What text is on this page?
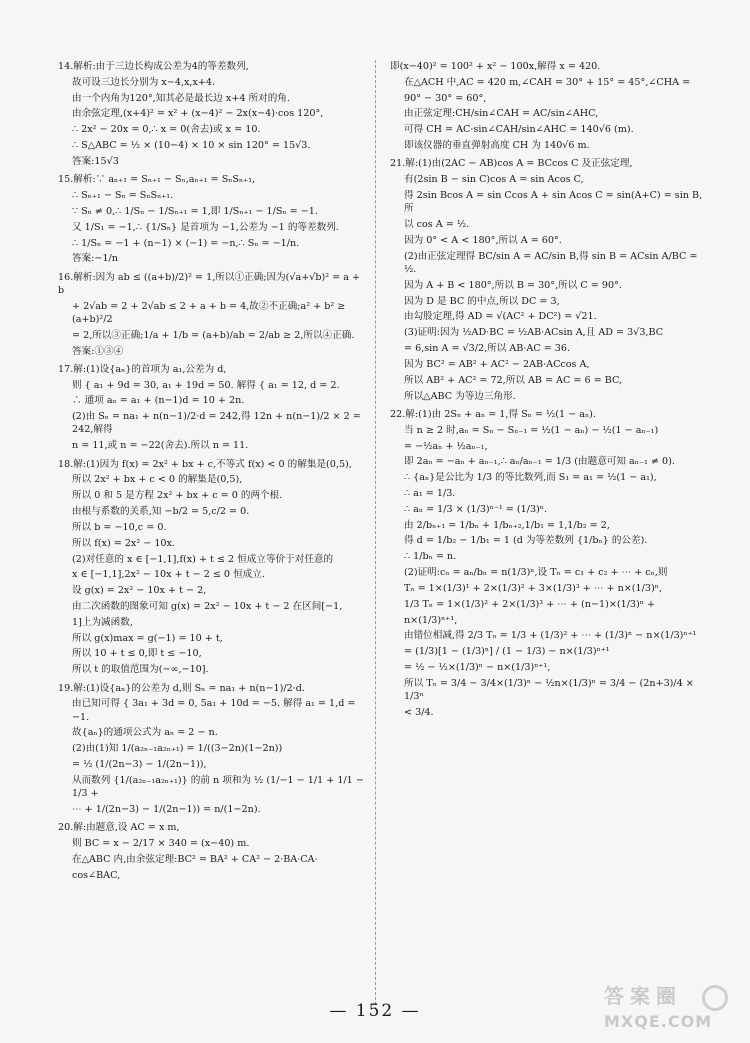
14.解析:由于三边长构成公差为4的等差数列,
故可设三边长分别为 x−4,x,x+4.
由一个内角为120°,知其必是最长边 x+4 所对的角.
由余弦定理,(x+4)² = x² + (x−4)² − 2x(x−4)·cos 120°,
∴ 2x² − 20x = 0,∴ x = 0(舍去)或 x = 10.
∴ S△ABC = ½ × (10−4) × 10 × sin 120° = 15√3.
答案:15√3
15.解析:∵ aₙ₊₁ = Sₙ₊₁ − Sₙ,aₙ₊₁ = SₙSₙ₊₁,
∴ Sₙ₊₁ − Sₙ = SₙSₙ₊₁.
∵ Sₙ ≠ 0,∴ 1/Sₙ − 1/Sₙ₊₁ = 1,即 1/Sₙ₊₁ − 1/Sₙ = −1.
又 1/S₁ = −1,∴ {1/Sₙ} 是首项为 −1,公差为 −1 的等差数列.
∴ 1/Sₙ = −1 + (n−1) × (−1) = −n,∴ Sₙ = −1/n.
答案:−1/n
16.解析:因为 ab ≤ ((a+b)/2)² = 1,所以①正确;因为(√a+√b)² = a + b
+ 2√ab = 2 + 2√ab ≤ 2 + a + b = 4,故②不正确;a² + b² ≥ (a+b)²/2
= 2,所以③正确;1/a + 1/b = (a+b)/ab = 2/ab ≥ 2,所以④正确.
答案:①③④
17.解:(1)设{aₙ}的首项为 a₁,公差为 d,
则 { a₁ + 9d = 30, a₁ + 19d = 50. 解得 { a₁ = 12, d = 2.
∴ 通项 aₙ = a₁ + (n−1)d = 10 + 2n.
(2)由 Sₙ = na₁ + n(n−1)/2·d = 242,得 12n + n(n−1)/2 × 2 = 242,解得
n = 11,或 n = −22(舍去).所以 n = 11.
18.解:(1)因为 f(x) = 2x² + bx + c,不等式 f(x) < 0 的解集是(0,5),
所以 2x² + bx + c < 0 的解集是(0,5),
所以 0 和 5 是方程 2x² + bx + c = 0 的两个根.
由根与系数的关系,知 −b/2 = 5,c/2 = 0.
所以 b = −10,c = 0.
所以 f(x) = 2x² − 10x.
(2)对任意的 x ∈ [−1,1],f(x) + t ≤ 2 恒成立等价于对任意的
x ∈ [−1,1],2x² − 10x + t − 2 ≤ 0 恒成立.
设 g(x) = 2x² − 10x + t − 2,
由二次函数的图象可知 g(x) = 2x² − 10x + t − 2 在区间[−1,
1]上为减函数,
所以 g(x)max = g(−1) = 10 + t,
所以 10 + t ≤ 0,即 t ≤ −10,
所以 t 的取值范围为(−∞,−10].
19.解:(1)设{aₙ}的公差为 d,则 Sₙ = na₁ + n(n−1)/2·d.
由已知可得 { 3a₁ + 3d = 0, 5a₁ + 10d = −5. 解得 a₁ = 1,d = −1.
故{aₙ}的通项公式为 aₙ = 2 − n.
(2)由(1)知 1/(a₂ₙ₋₁a₂ₙ₊₁) = 1/((3−2n)(1−2n))
= ½ (1/(2n−3) − 1/(2n−1)),
从而数列 {1/(a₂ₙ₋₁a₂ₙ₊₁)} 的前 n 项和为 ½ (1/−1 − 1/1 + 1/1 − 1/3 +
⋯ + 1/(2n−3) − 1/(2n−1)) = n/(1−2n).
20.解:由题意,设 AC = x m,
则 BC = x − 2/17 × 340 = (x−40) m.
在△ABC 内,由余弦定理:BC² = BA² + CA² − 2·BA·CA·
cos∠BAC,
即(x−40)² = 100² + x² − 100x,解得 x = 420.
在△ACH 中,AC = 420 m,∠CAH = 30° + 15° = 45°,∠CHA =
90° − 30° = 60°,
由正弦定理:CH/sin∠CAH = AC/sin∠AHC,
可得 CH = AC·sin∠CAH/sin∠AHC = 140√6 (m).
即该仪器的垂直弹射高度 CH 为 140√6 m.
21.解:(1)由(2AC − AB)cos A = BCcos C 及正弦定理,
有(2sin B − sin C)cos A = sin Acos C,
得 2sin Bcos A = sin Ccos A + sin Acos C = sin(A+C) = sin B,所
以 cos A = ½.
因为 0° < A < 180°,所以 A = 60°.
(2)由正弦定理得 BC/sin A = AC/sin B,得 sin B = ACsin A/BC = ½.
因为 A + B < 180°,所以 B = 30°,所以 C = 90°.
因为 D 是 BC 的中点,所以 DC = 3,
由勾股定理,得 AD = √(AC² + DC²) = √21.
(3)证明:因为 ½AD·BC = ½AB·ACsin A,且 AD = 3√3,BC
= 6,sin A = √3/2,所以 AB·AC = 36.
因为 BC² = AB² + AC² − 2AB·ACcos A,
所以 AB² + AC² = 72,所以 AB = AC = 6 = BC,
所以△ABC 为等边三角形.
22.解:(1)由 2Sₙ + aₙ = 1,得 Sₙ = ½(1 − aₙ).
当 n ≥ 2 时,aₙ = Sₙ − Sₙ₋₁ = ½(1 − aₙ) − ½(1 − aₙ₋₁)
= −½aₙ + ½aₙ₋₁,
即 2aₙ = −aₙ + aₙ₋₁,∴ aₙ/aₙ₋₁ = 1/3 (由题意可知 aₙ₋₁ ≠ 0).
∴ {aₙ}是公比为 1/3 的等比数列,而 S₁ = a₁ = ½(1 − a₁),
∴ a₁ = 1/3.
∴ aₙ = 1/3 × (1/3)ⁿ⁻¹ = (1/3)ⁿ.
由 2/bₙ₊₁ = 1/bₙ + 1/bₙ₊₂,1/b₁ = 1,1/b₂ = 2,
得 d = 1/b₂ − 1/b₁ = 1 (d 为等差数列 {1/bₙ} 的公差).
∴ 1/bₙ = n.
(2)证明:cₙ = aₙ/bₙ = n(1/3)ⁿ,设 Tₙ = c₁ + c₂ + ⋯ + cₙ,则
Tₙ = 1×(1/3)¹ + 2×(1/3)² + 3×(1/3)³ + ⋯ + n×(1/3)ⁿ,
1/3 Tₙ = 1×(1/3)² + 2×(1/3)³ + ⋯ + (n−1)×(1/3)ⁿ +
n×(1/3)ⁿ⁺¹,
由错位相减,得 2/3 Tₙ = 1/3 + (1/3)² + ⋯ + (1/3)ⁿ − n×(1/3)ⁿ⁺¹
= (1/3)[1 − (1/3)ⁿ] / (1 − 1/3) − n×(1/3)ⁿ⁺¹
= ½ − ½×(1/3)ⁿ − n×(1/3)ⁿ⁺¹,
所以 Tₙ = 3/4 − 3/4×(1/3)ⁿ − ½n×(1/3)ⁿ = 3/4 − (2n+3)/4 × 1/3ⁿ
< 3/4.
— 152 —
答案圈
MXQE.COM
